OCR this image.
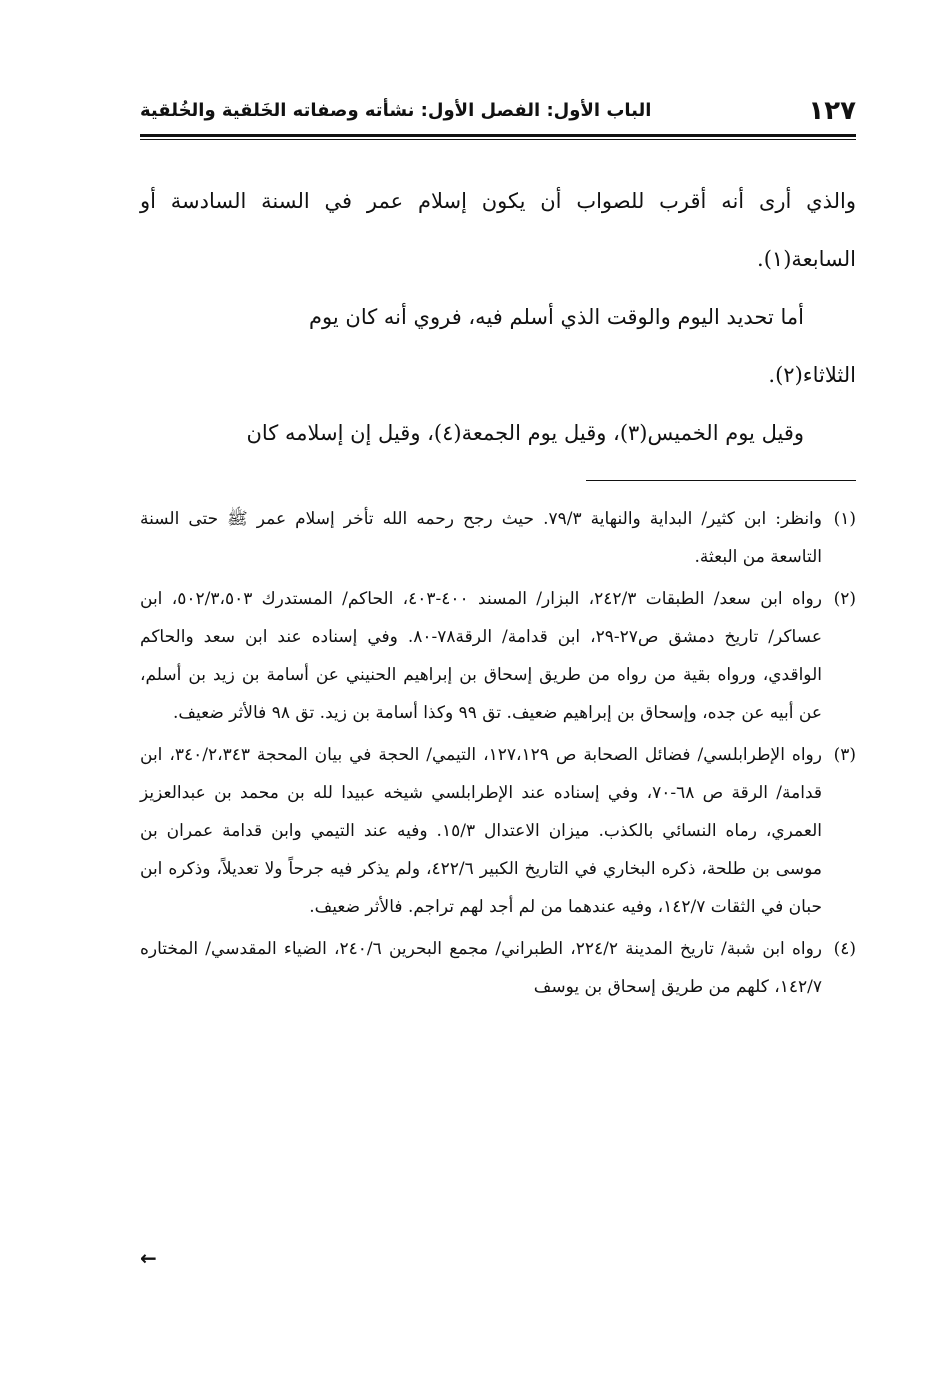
١٢٧
الباب الأول: الفصل الأول: نشأته وصفاته الخَلقية والخُلقية

والذي أرى أنه أقرب للصواب أن يكون إسلام عمر في السنة السادسة أو السابعة(١).

أما تحديد اليوم والوقت الذي أسلم فيه، فروي أنه كان يوم

الثلاثاء(٢).

وقيل يوم الخميس(٣)، وقيل يوم الجمعة(٤)، وقيل إن إسلامه كان

(١)
وانظر: ابن كثير/ البداية والنهاية ٧٩/٣. حيث رجح رحمه الله تأخر إسلام عمر ﷺ حتى السنة التاسعة من البعثة.
(٢)
رواه ابن سعد/ الطبقات ٢٤٢/٣، البزار/ المسند ٤٠٠-٤٠٣، الحاكم/ المستدرك ٥٠٢/٣،٥٠٣، ابن عساكر/ تاريخ دمشق ص٢٧-٢٩، ابن قدامة/ الرقة٧٨-٨٠. وفي إسناده عند ابن سعد والحاكم الواقدي، ورواه بقية من رواه من طريق إسحاق بن إبراهيم الحنيني عن أسامة بن زيد بن أسلم، عن أبيه عن جده، وإسحاق بن إبراهيم ضعيف. تق ٩٩ وكذا أسامة بن زيد. تق ٩٨ فالأثر ضعيف.
(٣)
رواه الإطرابلسي/ فضائل الصحابة ص ١٢٧،١٢٩، التيمي/ الحجة في بيان المحجة ٣٤٠/٢،٣٤٣، ابن قدامة/ الرقة ص ٦٨-٧٠، وفي إسناده عند الإطرابلسي شيخه عبيدا لله بن محمد بن عبدالعزيز العمري، رماه النسائي بالكذب. ميزان الاعتدال ١٥/٣. وفيه عند التيمي وابن قدامة عمران بن موسى بن طلحة، ذكره البخاري في التاريخ الكبير ٤٢٢/٦، ولم يذكر فيه جرحاً ولا تعديلاً، وذكره ابن حبان في الثقات ١٤٢/٧، وفيه عندهما من لم أجد لهم تراجم. فالأثر ضعيف.
(٤)
رواه ابن شبة/ تاريخ المدينة ٢٢٤/٢، الطبراني/ مجمع البحرين ٢٤٠/٦، الضياء المقدسي/ المختاره ١٤٢/٧، كلهم من طريق إسحاق بن يوسف
←
